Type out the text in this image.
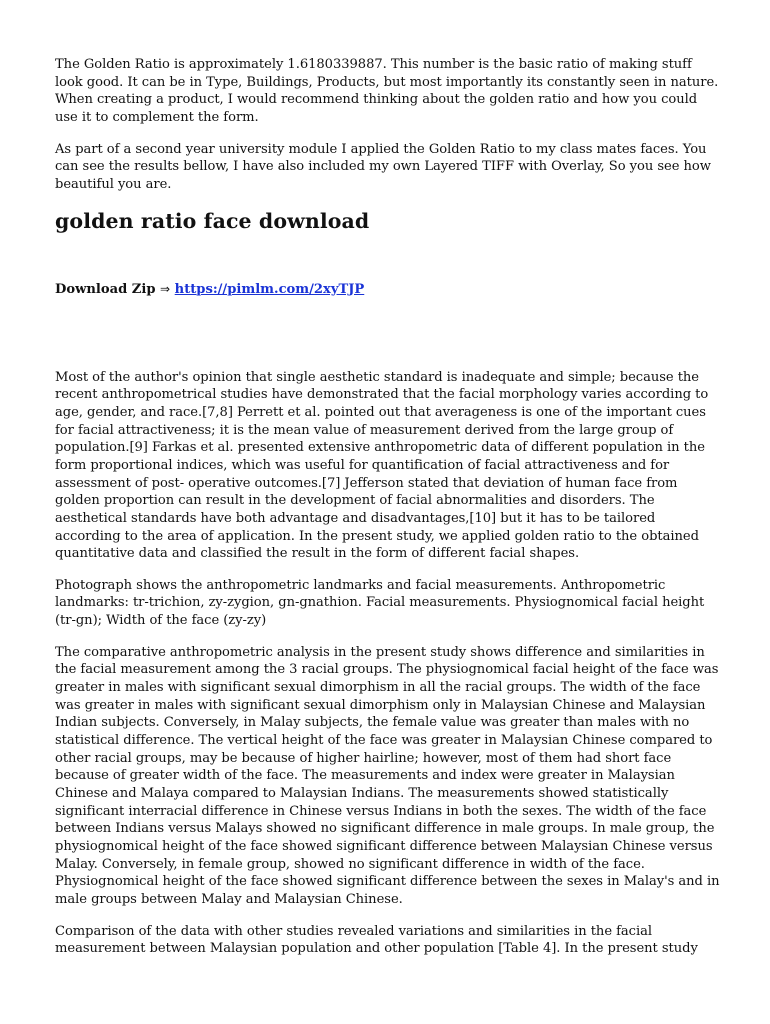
The Golden Ratio is approximately 1.6180339887. This number is the basic ratio of making stuff look good. It can be in Type, Buildings, Products, but most importantly its constantly seen in nature. When creating a product, I would recommend thinking about the golden ratio and how you could use it to complement the form.

As part of a second year university module I applied the Golden Ratio to my class mates faces. You can see the results bellow, I have also included my own Layered TIFF with Overlay, So you see how beautiful you are.

golden ratio face download
Download Zip ⇒ https://pimlm.com/2xyTJP

Most of the author's opinion that single aesthetic standard is inadequate and simple; because the recent anthropometrical studies have demonstrated that the facial morphology varies according to age, gender, and race.[7,8] Perrett et al. pointed out that averageness is one of the important cues for facial attractiveness; it is the mean value of measurement derived from the large group of population.[9] Farkas et al. presented extensive anthropometric data of different population in the form proportional indices, which was useful for quantification of facial attractiveness and for assessment of post- operative outcomes.[7] Jefferson stated that deviation of human face from golden proportion can result in the development of facial abnormalities and disorders. The aesthetical standards have both advantage and disadvantages,[10] but it has to be tailored according to the area of application. In the present study, we applied golden ratio to the obtained quantitative data and classified the result in the form of different facial shapes.

Photograph shows the anthropometric landmarks and facial measurements. Anthropometric landmarks: tr-trichion, zy-zygion, gn-gnathion. Facial measurements. Physiognomical facial height (tr-gn); Width of the face (zy-zy)

The comparative anthropometric analysis in the present study shows difference and similarities in the facial measurement among the 3 racial groups. The physiognomical facial height of the face was greater in males with significant sexual dimorphism in all the racial groups. The width of the face was greater in males with significant sexual dimorphism only in Malaysian Chinese and Malaysian Indian subjects. Conversely, in Malay subjects, the female value was greater than males with no statistical difference. The vertical height of the face was greater in Malaysian Chinese compared to other racial groups, may be because of higher hairline; however, most of them had short face because of greater width of the face. The measurements and index were greater in Malaysian Chinese and Malaya compared to Malaysian Indians. The measurements showed statistically significant interracial difference in Chinese versus Indians in both the sexes. The width of the face between Indians versus Malays showed no significant difference in male groups. In male group, the physiognomical height of the face showed significant difference between Malaysian Chinese versus Malay. Conversely, in female group, showed no significant difference in width of the face. Physiognomical height of the face showed significant difference between the sexes in Malay's and in male groups between Malay and Malaysian Chinese.

Comparison of the data with other studies revealed variations and similarities in the facial measurement between Malaysian population and other population [Table 4]. In the present study
